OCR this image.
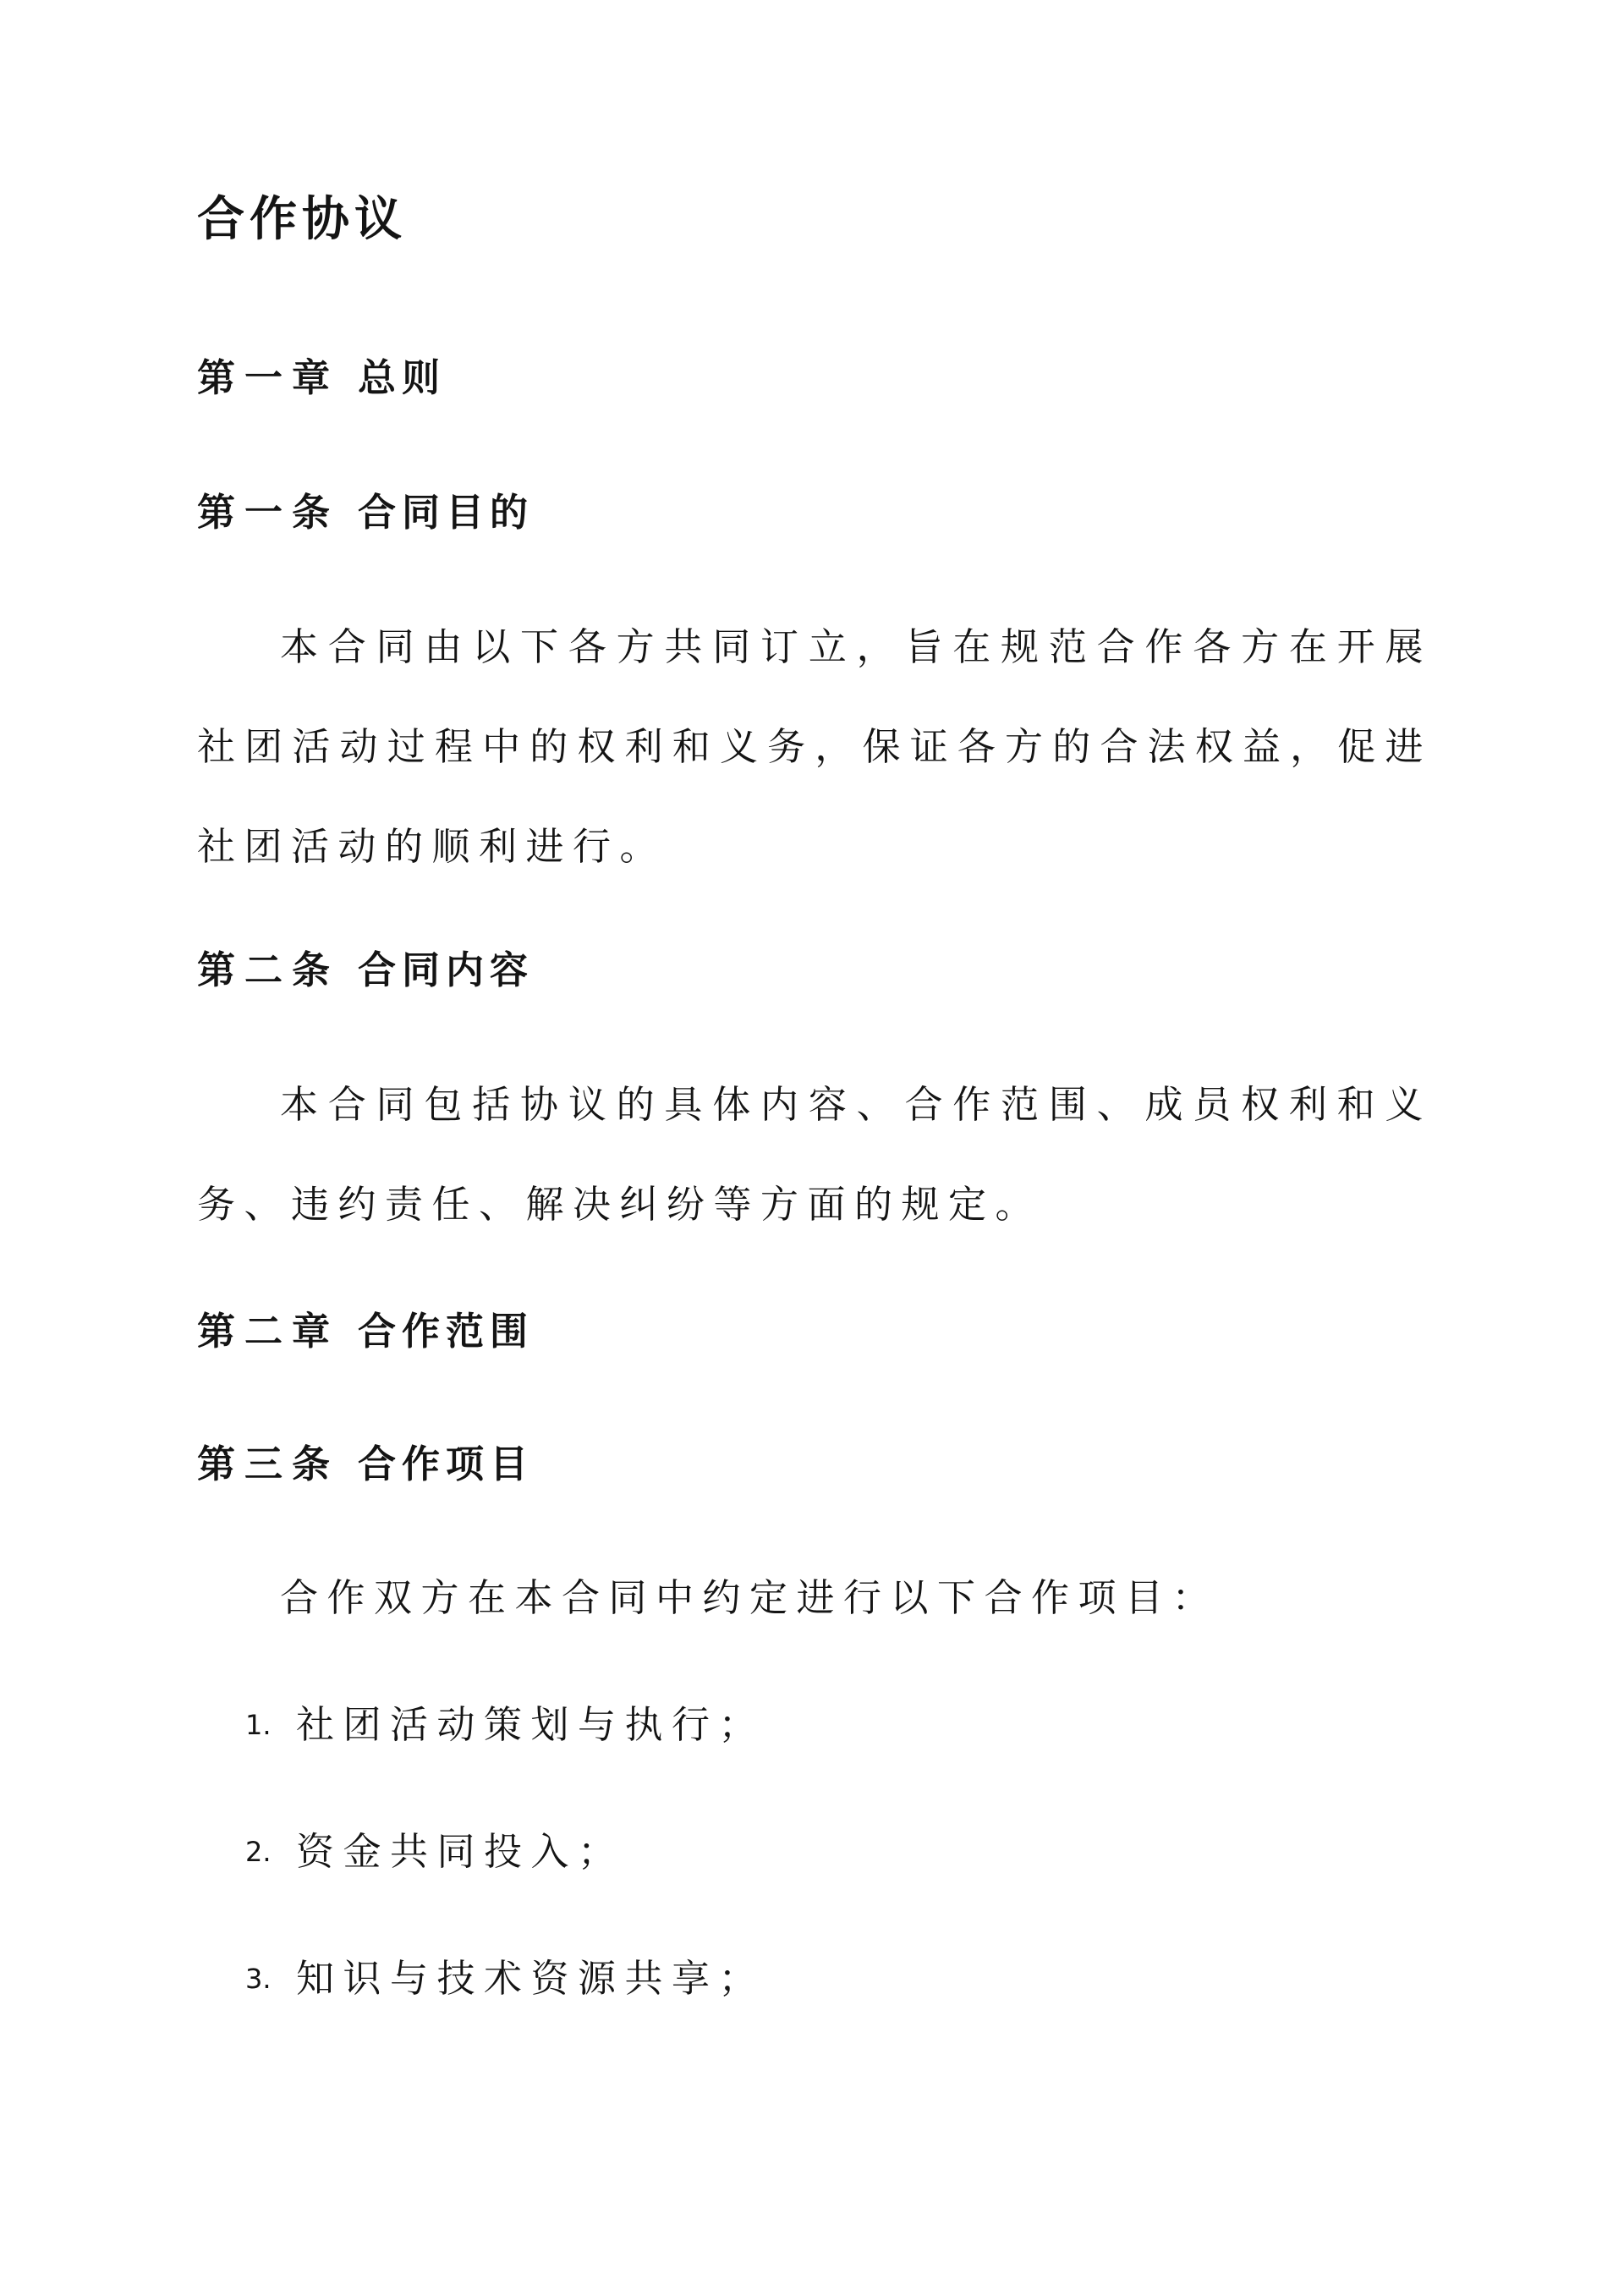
合作协议
第一章 总则
第一条 合同目的

本合同由以下各方共同订立，旨在规范合作各方在开展社团活动过程中的权利和义务，保证各方的合法权益，促进社团活动的顺利进行。

第二条 合同内容

本合同包括协议的具体内容、合作范围、成员权利和义务、违约责任、解决纠纷等方面的规定。

第二章 合作范围
第三条 合作项目

合作双方在本合同中约定进行以下合作项目：

1. 社团活动策划与执行；
2. 资金共同投入；
3. 知识与技术资源共享；
